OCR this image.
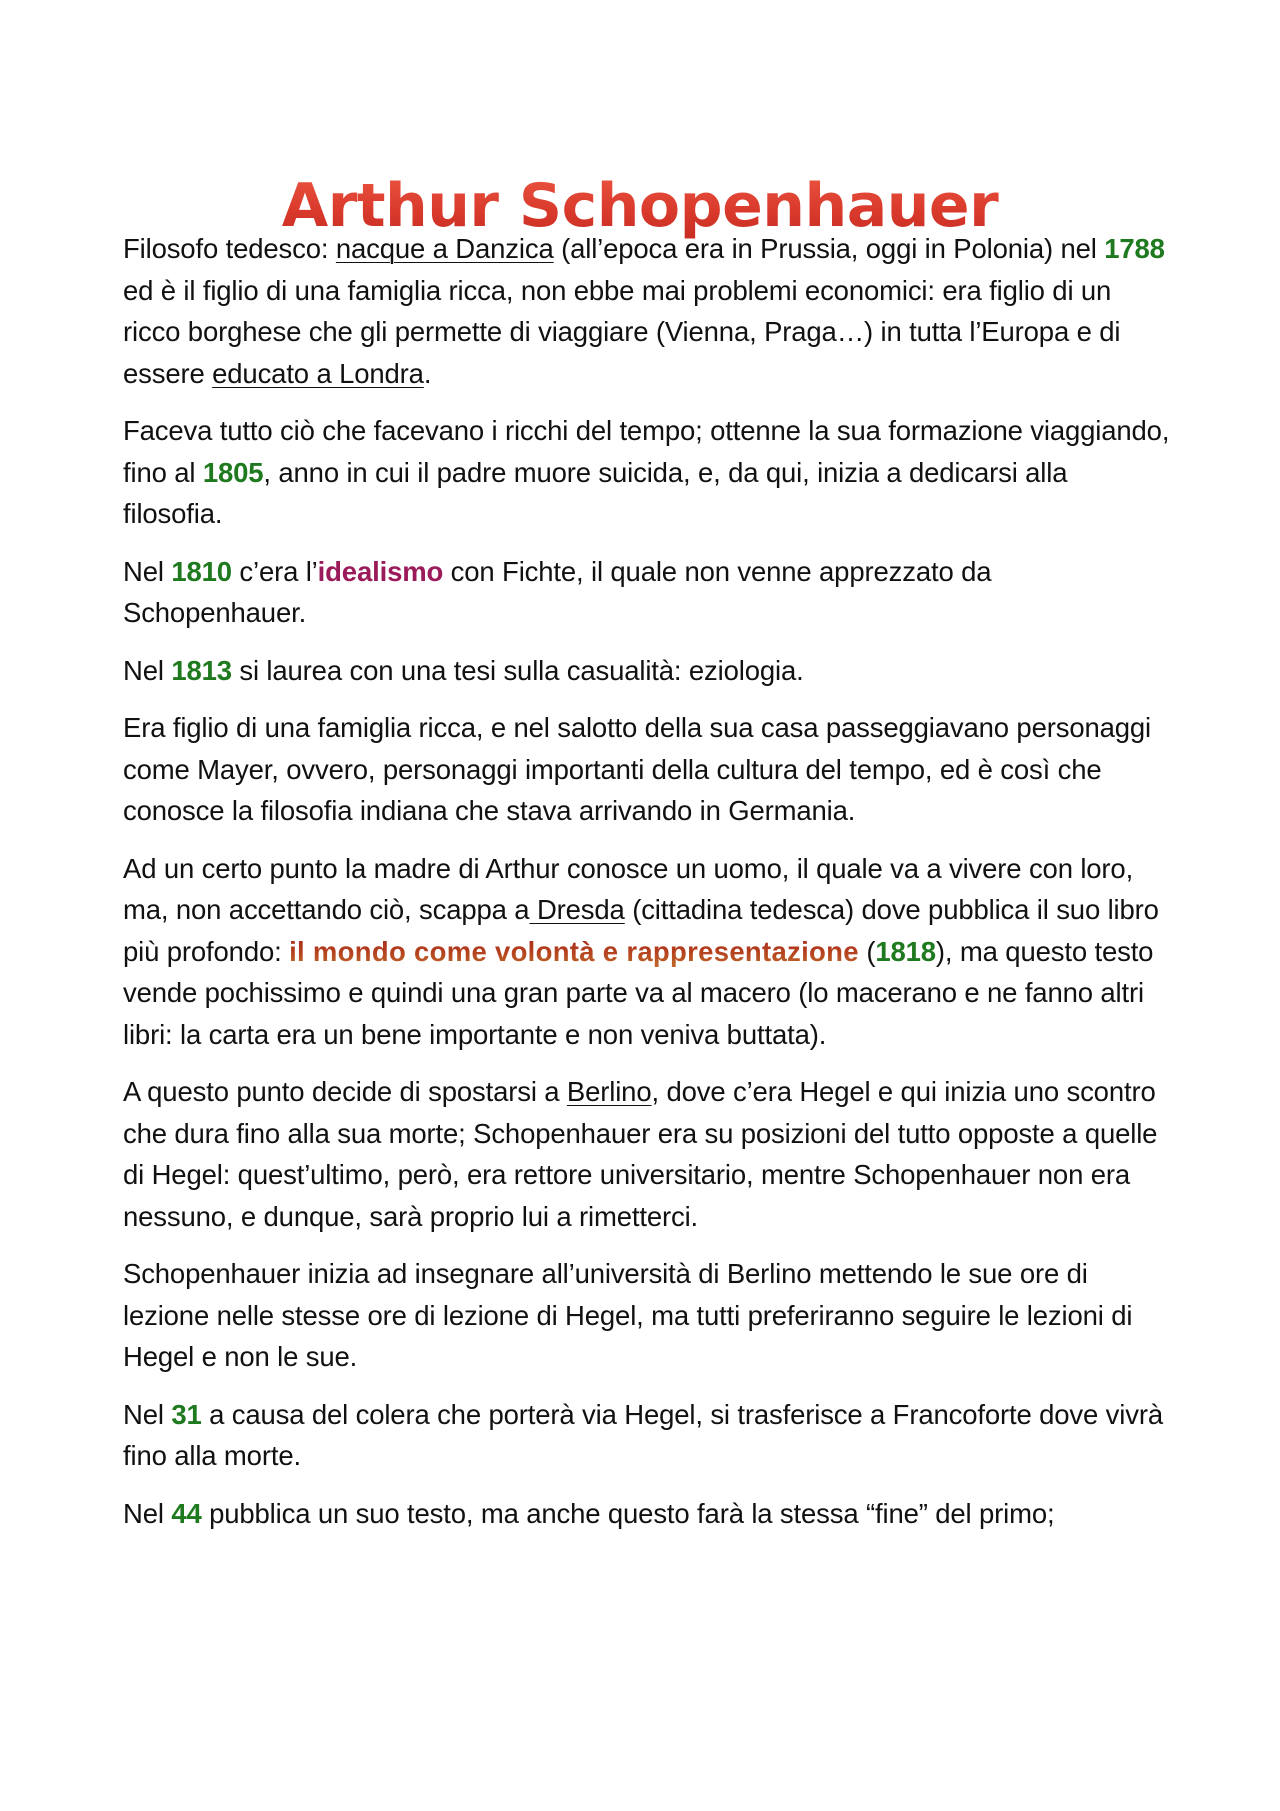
Arthur Schopenhauer

Filosofo tedesco: nacque a Danzica (all’epoca era in Prussia, oggi in Polonia) nel 1788 ed è il figlio di una famiglia ricca, non ebbe mai problemi economici: era figlio di un ricco borghese che gli permette di viaggiare (Vienna, Praga…) in tutta l’Europa e di essere educato a Londra.

Faceva tutto ciò che facevano i ricchi del tempo; ottenne la sua formazione viaggiando, fino al 1805, anno in cui il padre muore suicida, e, da qui, inizia a dedicarsi alla filosofia.

Nel 1810 c’era l’idealismo con Fichte, il quale non venne apprezzato da Schopenhauer.

Nel 1813 si laurea con una tesi sulla casualità: eziologia.

Era figlio di una famiglia ricca, e nel salotto della sua casa passeggiavano personaggi come Mayer, ovvero, personaggi importanti della cultura del tempo, ed è così che conosce la filosofia indiana che stava arrivando in Germania.

Ad un certo punto la madre di Arthur conosce un uomo, il quale va a vivere con loro, ma, non accettando ciò, scappa a Dresda (cittadina tedesca) dove pubblica il suo libro più profondo: il mondo come volontà e rappresentazione (1818), ma questo testo vende pochissimo e quindi una gran parte va al macero (lo macerano e ne fanno altri libri: la carta era un bene importante e non veniva buttata).

A questo punto decide di spostarsi a Berlino, dove c’era Hegel e qui inizia uno scontro che dura fino alla sua morte; Schopenhauer era su posizioni del tutto opposte a quelle di Hegel: quest’ultimo, però, era rettore universitario, mentre Schopenhauer non era nessuno, e dunque, sarà proprio lui a rimetterci.

Schopenhauer inizia ad insegnare all’università di Berlino mettendo le sue ore di lezione nelle stesse ore di lezione di Hegel, ma tutti preferiranno seguire le lezioni di Hegel e non le sue.

Nel 31 a causa del colera che porterà via Hegel, si trasferisce a Francoforte dove vivrà fino alla morte.

Nel 44 pubblica un suo testo, ma anche questo farà la stessa “fine” del primo;
